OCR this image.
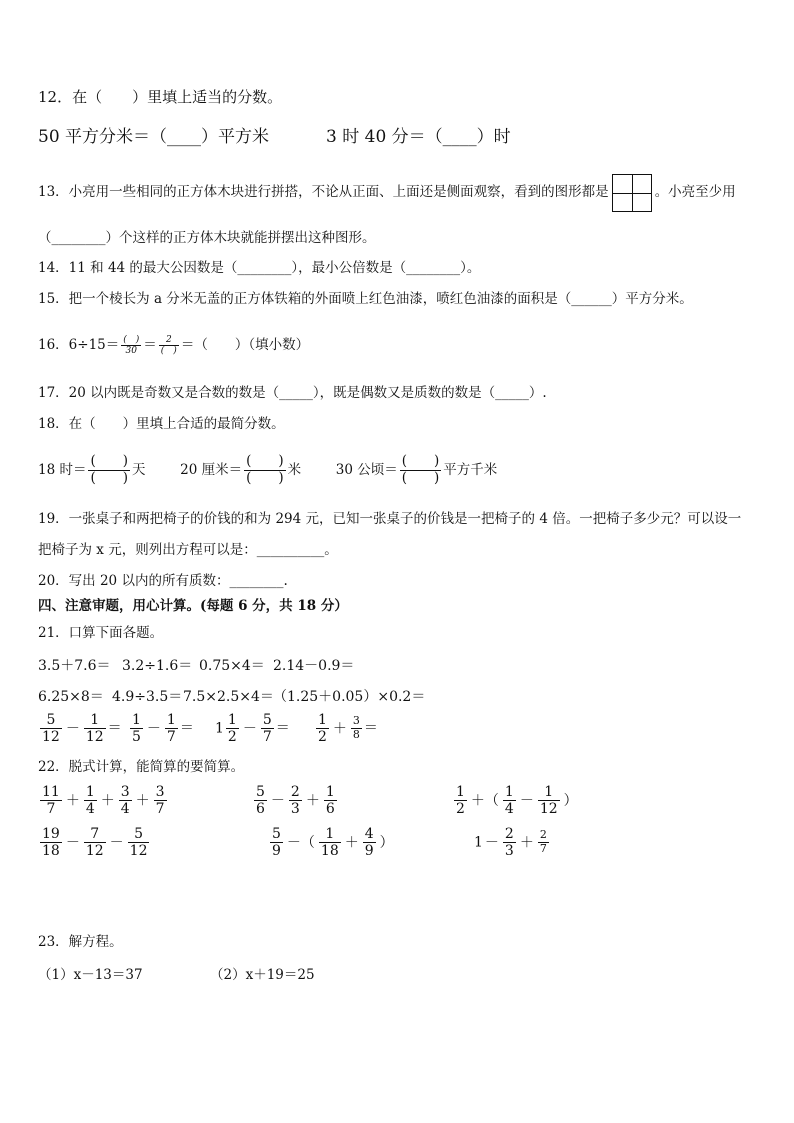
12．在（　　）里填上适当的分数。
50 平方分米＝（____）平方米	3 时 40 分＝（____）时
13．小亮用一些相同的正方体木块进行拼搭，不论从正面、上面还是侧面观察，看到的图形都是	。小亮至少用
（________）个这样的正方体木块就能拼摆出这种图形。
14．11 和 44 的最大公因数是（________），最小公倍数是（________）。
15．把一个棱长为 a 分米无盖的正方体铁箱的外面喷上红色油漆，喷红色油漆的面积是（______）平方分米。
16．$6\div 15= \frac{( )}{30} = \frac{2}{( )}$ ＝（　　）（填小数）
17．20 以内既是奇数又是合数的数是（_____），既是偶数又是质数的数是（_____）.
18．在（　　）里填上合适的最简分数。
18 时＝ $\frac{( )}{( )}$ 天	20 厘米＝ $\frac{( )}{( )}$ 米	30 公顷＝ $\frac{( )}{( )}$ 平方千米
19．一张桌子和两把椅子的价钱的和为 294 元，已知一张桌子的价钱是一把椅子的 4 倍。一把椅子多少元？可以设一
把椅子为 x 元，则列出方程可以是：__________。
20．写出 20 以内的所有质数：________.
四、注意审题，用心计算。(每题 6 分，共 18 分）
21．口算下面各题。
3.5＋7.6＝ 3.2÷1.6＝ 0.75×4＝ 2.14－0.9＝
6.25×8＝ 4.9÷3.5＝ 7.5×2.5×4＝ （1.25＋0.05）×0.2＝
$\frac{5}{12} - \frac{1}{12} = \frac{1}{5} - \frac{1}{7} = 1 \frac{1}{2} - \frac{5}{7} = \frac{1}{2} + \frac{3}{8}$ ＝
22．脱式计算，能简算的要简算。
$\frac{11}{7} + \frac{1}{4} + \frac{3}{4} + \frac{3}{7}$	$\frac{5}{6} - \frac{2}{3} + \frac{1}{6}$	$\frac{1}{2}$ ＋（ $\frac{1}{4} - \frac{1}{12}$ ）
$\frac{19}{18} - \frac{7}{12} - \frac{5}{12}$	$\frac{5}{9}$ －（ $\frac{1}{18} + \frac{4}{9}$ ）	$1 - \frac{2}{3} + \frac{2}{7}$
23．解方程。
（1）x－13＝37	（2）x＋19＝25
